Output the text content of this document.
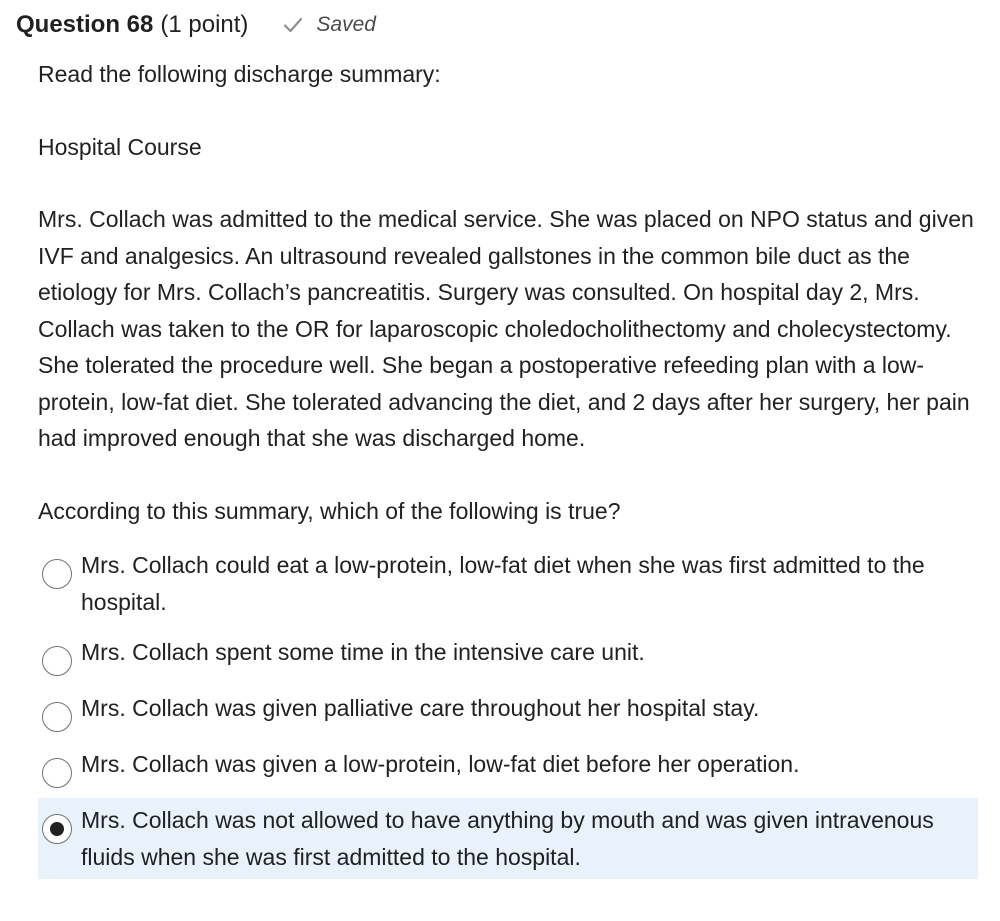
Question 68 (1 point)	Saved

Read the following discharge summary:

Hospital Course

Mrs. Collach was admitted to the medical service. She was placed on NPO status and given IVF and analgesics. An ultrasound revealed gallstones in the common bile duct as the etiology for Mrs. Collach’s pancreatitis. Surgery was consulted. On hospital day 2, Mrs. Collach was taken to the OR for laparoscopic choledocholithectomy and cholecystectomy. She tolerated the procedure well. She began a postoperative refeeding plan with a low-protein, low-fat diet. She tolerated advancing the diet, and 2 days after her surgery, her pain had improved enough that she was discharged home.

According to this summary, which of the following is true?

Mrs. Collach could eat a low-protein, low-fat diet when she was first admitted to the hospital.
Mrs. Collach spent some time in the intensive care unit.
Mrs. Collach was given palliative care throughout her hospital stay.
Mrs. Collach was given a low-protein, low-fat diet before her operation.
Mrs. Collach was not allowed to have anything by mouth and was given intravenous fluids when she was first admitted to the hospital.
